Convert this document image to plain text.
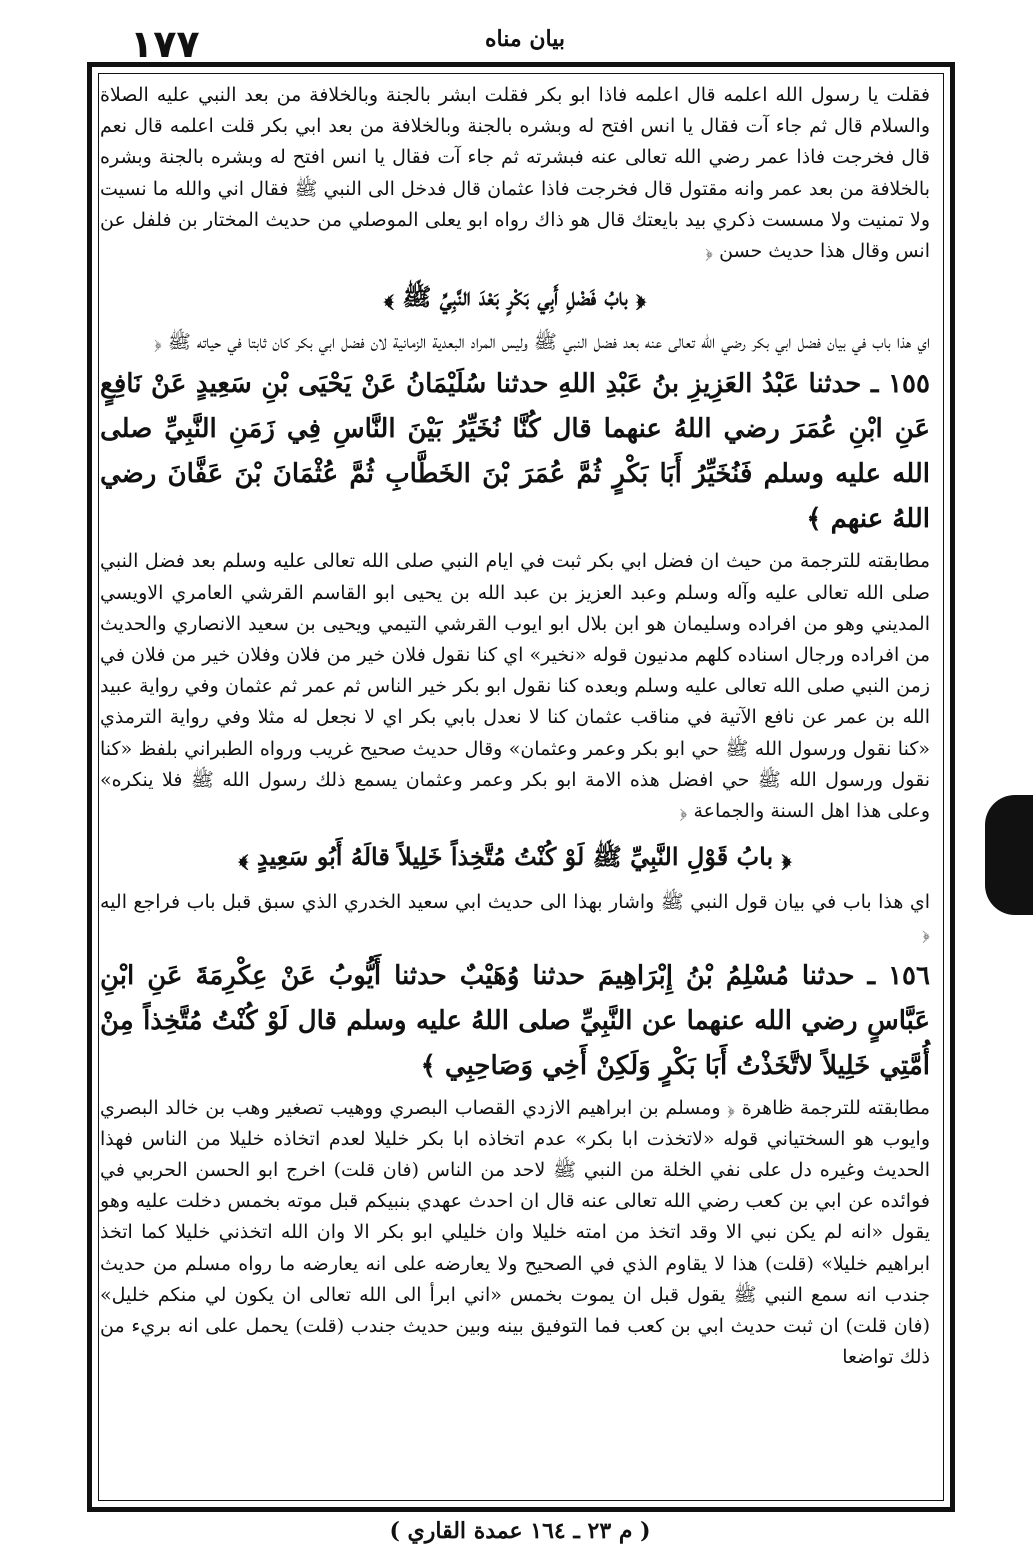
١٧٧	بيان مناه

فقلت يا رسول الله اعلمه قال اعلمه فاذا ابو بكر فقلت ابشر بالجنة وبالخلافة من بعد النبي عليه الصلاة والسلام قال ثم جاء آت فقال يا انس افتح له وبشره بالجنة وبالخلافة من بعد ابي بكر قلت اعلمه قال نعم قال فخرجت فاذا عمر رضي الله تعالى عنه فبشرته ثم جاء آت فقال يا انس افتح له وبشره بالجنة وبشره بالخلافة من بعد عمر وانه مقتول قال فخرجت فاذا عثمان قال فدخل الى النبي ﷺ فقال اني والله ما نسيت ولا تمنيت ولا مسست ذكري بيد بايعتك قال هو ذاك رواه ابو يعلى الموصلي من حديث المختار بن فلفل عن انس وقال هذا حديث حسن ﴿

﴿ بابُ فَضْلِ أَبِي بَكْرٍ بَعْدَ النَّبِيِّ ﷺ ﴾

اي هذا باب في بيان فضل ابي بكر رضي الله تعالى عنه بعد فضل النبي ﷺ وليس المراد البعدية الزمانية لان فضل ابي بكر كان ثابتا في حياته ﷺ ﴿

١٥٥ ـ حدثنا عَبْدُ العَزِيزِ بنُ عَبْدِ اللهِ حدثنا سُلَيْمَانُ عَنْ يَحْيَى بْنِ سَعِيدٍ عَنْ نَافِعٍ عَنِ ابْنِ عُمَرَ رضي اللهُ عنهما قال كُنَّا نُخَيِّرُ بَيْنَ النَّاسِ فِي زَمَنِ النَّبِيِّ صلى الله عليه وسلم فَنُخَيِّرُ أَبَا بَكْرٍ ثُمَّ عُمَرَ بْنَ الخَطَّابِ ثُمَّ عُثْمَانَ بْنَ عَفَّانَ رضي اللهُ عنهم ﴾

مطابقته للترجمة من حيث ان فضل ابي بكر ثبت في ايام النبي صلى الله تعالى عليه وسلم بعد فضل النبي صلى الله تعالى عليه وآله وسلم وعبد العزيز بن عبد الله بن يحيى ابو القاسم القرشي العامري الاويسي المديني وهو من افراده وسليمان هو ابن بلال ابو ايوب القرشي التيمي ويحيى بن سعيد الانصاري والحديث من افراده ورجال اسناده كلهم مدنيون قوله «نخير» اي كنا نقول فلان خير من فلان وفلان خير من فلان في زمن النبي صلى الله تعالى عليه وسلم وبعده كنا نقول ابو بكر خير الناس ثم عمر ثم عثمان وفي رواية عبيد الله بن عمر عن نافع الآتية في مناقب عثمان كنا لا نعدل بابي بكر اي لا نجعل له مثلا وفي رواية الترمذي «كنا نقول ورسول الله ﷺ حي ابو بكر وعمر وعثمان» وقال حديث صحيح غريب ورواه الطبراني بلفظ «كنا نقول ورسول الله ﷺ حي افضل هذه الامة ابو بكر وعمر وعثمان يسمع ذلك رسول الله ﷺ فلا ينكره» وعلى هذا اهل السنة والجماعة ﴿

﴿ بابُ قَوْلِ النَّبِيِّ ﷺ لَوْ كُنْتُ مُتَّخِذاً خَلِيلاً قالَهُ أَبُو سَعِيدٍ ﴾

اي هذا باب في بيان قول النبي ﷺ واشار بهذا الى حديث ابي سعيد الخدري الذي سبق قبل باب فراجع اليه ﴿

١٥٦ ـ حدثنا مُسْلِمُ بْنُ إِبْرَاهِيمَ حدثنا وُهَيْبٌ حدثنا أَيُّوبُ عَنْ عِكْرِمَةَ عَنِ ابْنِ عَبَّاسٍ رضي الله عنهما عن النَّبِيِّ صلى اللهُ عليه وسلم قال لَوْ كُنْتُ مُتَّخِذاً مِنْ أُمَّتِي خَلِيلاً لاتَّخَذْتُ أَبَا بَكْرٍ وَلَكِنْ أَخِي وَصَاحِبِي ﴾

مطابقته للترجمة ظاهرة ﴿ ومسلم بن ابراهيم الازدي القصاب البصري ووهيب تصغير وهب بن خالد البصري وايوب هو السختياني قوله «لاتخذت ابا بكر» عدم اتخاذه ابا بكر خليلا لعدم اتخاذه خليلا من الناس فهذا الحديث وغيره دل على نفي الخلة من النبي ﷺ لاحد من الناس (فان قلت) اخرج ابو الحسن الحربي في فوائده عن ابي بن كعب رضي الله تعالى عنه قال ان احدث عهدي بنبيكم قبل موته بخمس دخلت عليه وهو يقول «انه لم يكن نبي الا وقد اتخذ من امته خليلا وان خليلي ابو بكر الا وان الله اتخذني خليلا كما اتخذ ابراهيم خليلا» (قلت) هذا لا يقاوم الذي في الصحيح ولا يعارضه على انه يعارضه ما رواه مسلم من حديث جندب انه سمع النبي ﷺ يقول قبل ان يموت بخمس «اني ابرأ الى الله تعالى ان يكون لي منكم خليل» (فان قلت) ان ثبت حديث ابي بن كعب فما التوفيق بينه وبين حديث جندب (قلت) يحمل على انه بريء من ذلك تواضعا

( م ٢٣ ـ ١٦٤ عمدة القاري )
